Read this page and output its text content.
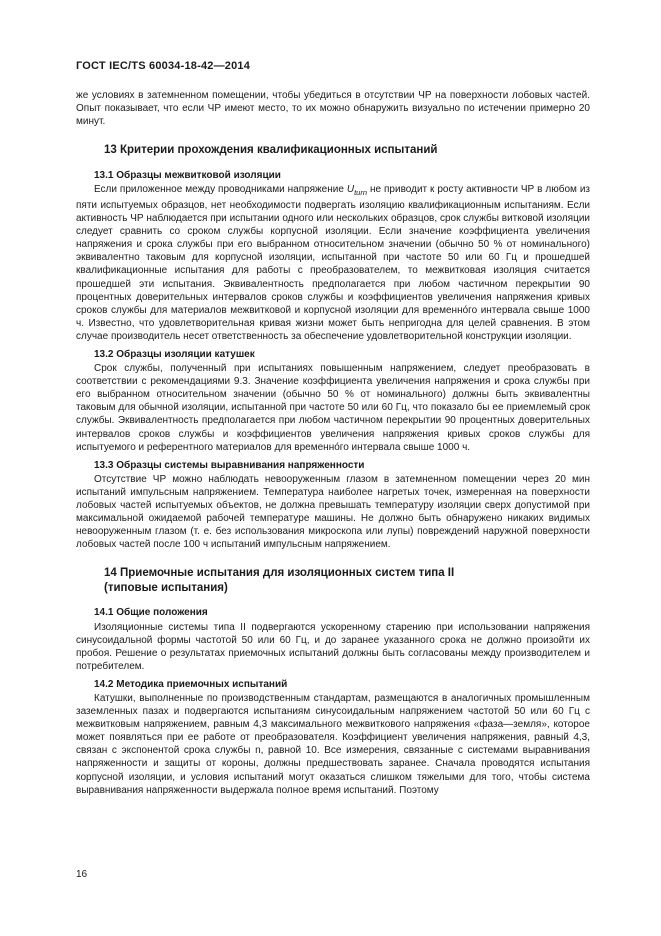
ГОСТ IEC/TS 60034-18-42—2014

же условиях в затемненном помещении, чтобы убедиться в отсутствии ЧР на поверхности лобовых частей. Опыт показывает, что если ЧР имеют место, то их можно обнаружить визуально по истечении примерно 20 минут.

13 Критерии прохождения квалификационных испытаний
13.1 Образцы межвитковой изоляции

Если приложенное между проводниками напряжение $U_{turn}$ не приводит к росту активности ЧР в любом из пяти испытуемых образцов, нет необходимости подвергать изоляцию квалификационным испытаниям. Если активность ЧР наблюдается при испытании одного или нескольких образцов, срок службы витковой изоляции следует сравнить со сроком службы корпусной изоляции. Если значение коэффициента увеличения напряжения и срока службы при его выбранном относительном значении (обычно 50 % от номинального) эквивалентно таковым для корпусной изоляции, испытанной при частоте 50 или 60 Гц и прошедшей квалификационные испытания для работы с преобразователем, то межвитковая изоляция считается прошедшей эти испытания. Эквивалентность предполагается при любом частичном перекрытии 90 процентных доверительных интервалов сроков службы и коэффициентов увеличения напряжения кривых сроков службы для материалов межвитковой и корпусной изоляции для временно́го интервала свыше 1000 ч. Известно, что удовлетворительная кривая жизни может быть непригодна для целей сравнения. В этом случае производитель несет ответственность за обеспечение удовлетворительной конструкции изоляции.

13.2 Образцы изоляции катушек

Срок службы, полученный при испытаниях повышенным напряжением, следует преобразовать в соответствии с рекомендациями 9.3. Значение коэффициента увеличения напряжения и срока службы при его выбранном относительном значении (обычно 50 % от номинального) должны быть эквивалентны таковым для обычной изоляции, испытанной при частоте 50 или 60 Гц, что показало бы ее приемлемый срок службы. Эквивалентность предполагается при любом частичном перекрытии 90 процентных доверительных интервалов сроков службы и коэффициентов увеличения напряжения кривых сроков службы для испытуемого и референтного материалов для временно́го интервала свыше 1000 ч.

13.3 Образцы системы выравнивания напряженности

Отсутствие ЧР можно наблюдать невооруженным глазом в затемненном помещении через 20 мин испытаний импульсным напряжением. Температура наиболее нагретых точек, измеренная на поверхности лобовых частей испытуемых объектов, не должна превышать температуру изоляции сверх допустимой при максимальной ожидаемой рабочей температуре машины. Не должно быть обнаружено никаких видимых невооруженным глазом (т. е. без использования микроскопа или лупы) повреждений наружной поверхности лобовых частей после 100 ч испытаний импульсным напряжением.

14 Приемочные испытания для изоляционных систем типа II
(типовые испытания)
14.1 Общие положения

Изоляционные системы типа II подвергаются ускоренному старению при использовании напряжения синусоидальной формы частотой 50 или 60 Гц, и до заранее указанного срока не должно произойти их пробоя. Решение о результатах приемочных испытаний должны быть согласованы между производителем и потребителем.

14.2 Методика приемочных испытаний

Катушки, выполненные по производственным стандартам, размещаются в аналогичных промышленным заземленных пазах и подвергаются испытаниям синусоидальным напряжением частотой 50 или 60 Гц с межвитковым напряжением, равным 4,3 максимального межвиткового напряжения «фаза—земля», которое может появляться при ее работе от преобразователя. Коэффициент увеличения напряжения, равный 4,3, связан с экспонентой срока службы n, равной 10. Все измерения, связанные с системами выравнивания напряженности и защиты от короны, должны предшествовать заранее. Сначала проводятся испытания корпусной изоляции, и условия испытаний могут оказаться слишком тяжелыми для того, чтобы система выравнивания напряженности выдержала полное время испытаний. Поэтому

16
